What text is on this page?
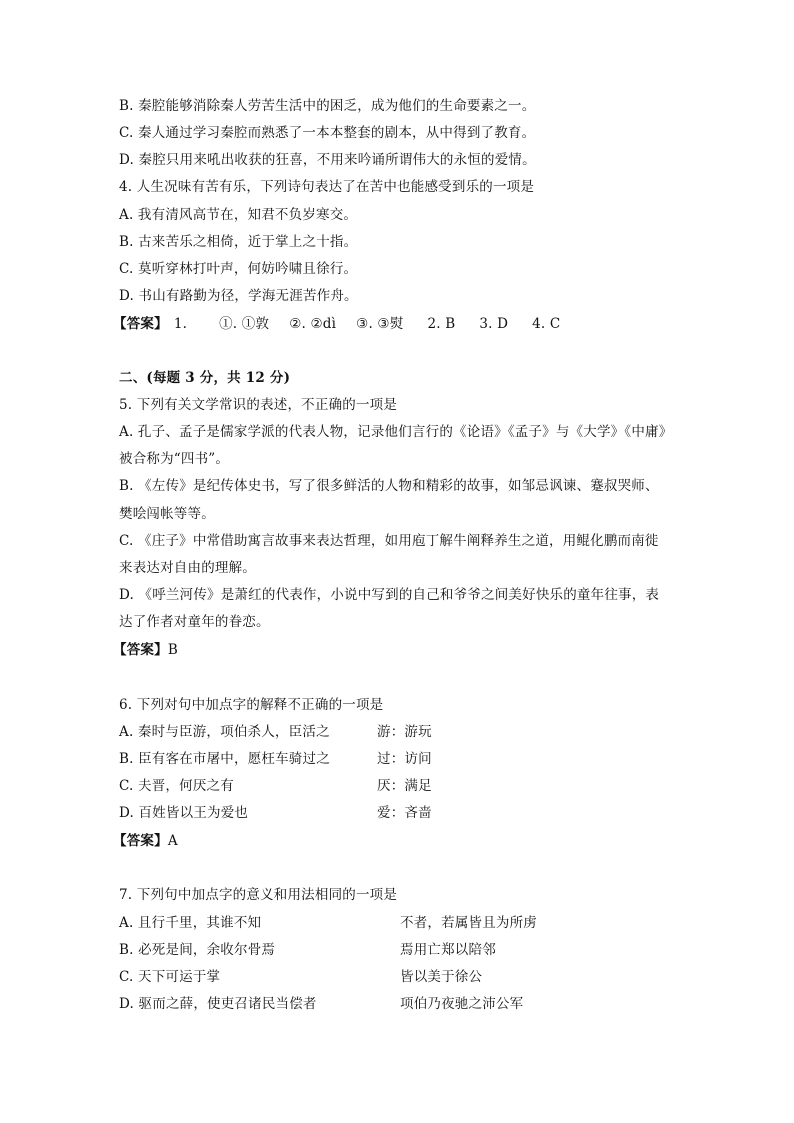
B. 秦腔能够消除秦人劳苦生活中的困乏，成为他们的生命要素之一。
C. 秦人通过学习秦腔而熟悉了一本本整套的剧本，从中得到了教育。
D. 秦腔只用来吼出收获的狂喜，不用来吟诵所谓伟大的永恒的爱情。
4. 人生况味有苦有乐，下列诗句表达了在苦中也能感受到乐的一项是
A. 我有清风高节在，知君不负岁寒交。
B. 古来苦乐之相倚，近于掌上之十指。
C. 莫听穿林打叶声，何妨吟啸且徐行。
D. 书山有路勤为径，学海无涯苦作舟。
【答案】 1. ①. ①敦 ②. ②dì ③. ③熨 2. B 3. D 4. C
二、(每题 3 分，共 12 分)
5. 下列有关文学常识的表述，不正确的一项是
A. 孔子、孟子是儒家学派的代表人物，记录他们言行的《论语》《孟子》与《大学》《中庸》
被合称为“四书”。
B. 《左传》是纪传体史书，写了很多鲜活的人物和精彩的故事，如邹忌讽谏、蹇叔哭师、
樊哙闯帐等等。
C. 《庄子》中常借助寓言故事来表达哲理，如用庖丁解牛阐释养生之道，用鲲化鹏而南徙
来表达对自由的理解。
D. 《呼兰河传》是萧红的代表作，小说中写到的自己和爷爷之间美好快乐的童年往事，表
达了作者对童年的眷恋。
【答案】B
6. 下列对句中加点字的解释不正确的一项是
A. 秦时与臣游，项伯杀人，臣活之	游：游玩
B. 臣有客在市屠中，愿枉车骑过之	过：访问
C. 夫晋，何厌之有	厌：满足
D. 百姓皆以王为爱也	爱：吝啬
【答案】A
7. 下列句中加点字的意义和用法相同的一项是
A. 且行千里，其谁不知	不者，若属皆且为所虏
B. 必死是间，余收尔骨焉	焉用亡郑以陪邻
C. 天下可运于掌	皆以美于徐公
D. 驱而之薛，使吏召诸民当偿者	项伯乃夜驰之沛公军
